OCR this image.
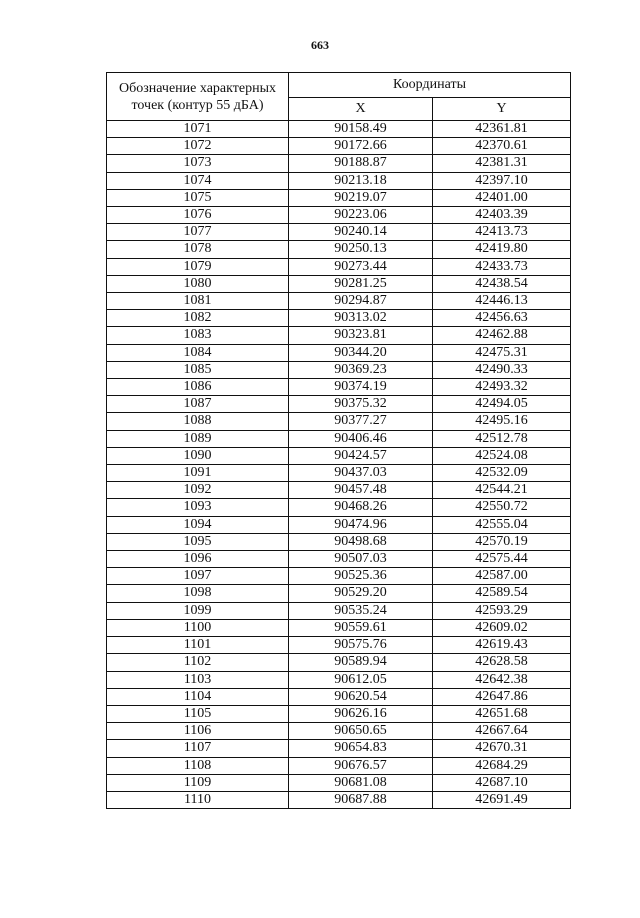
663
Обозначение характерных точек (контур 55 дБА)	Координаты	
	X	Y
1071	90158.49	42361.81
1072	90172.66	42370.61
1073	90188.87	42381.31
1074	90213.18	42397.10
1075	90219.07	42401.00
1076	90223.06	42403.39
1077	90240.14	42413.73
1078	90250.13	42419.80
1079	90273.44	42433.73
1080	90281.25	42438.54
1081	90294.87	42446.13
1082	90313.02	42456.63
1083	90323.81	42462.88
1084	90344.20	42475.31
1085	90369.23	42490.33
1086	90374.19	42493.32
1087	90375.32	42494.05
1088	90377.27	42495.16
1089	90406.46	42512.78
1090	90424.57	42524.08
1091	90437.03	42532.09
1092	90457.48	42544.21
1093	90468.26	42550.72
1094	90474.96	42555.04
1095	90498.68	42570.19
1096	90507.03	42575.44
1097	90525.36	42587.00
1098	90529.20	42589.54
1099	90535.24	42593.29
1100	90559.61	42609.02
1101	90575.76	42619.43
1102	90589.94	42628.58
1103	90612.05	42642.38
1104	90620.54	42647.86
1105	90626.16	42651.68
1106	90650.65	42667.64
1107	90654.83	42670.31
1108	90676.57	42684.29
1109	90681.08	42687.10
1110	90687.88	42691.49
